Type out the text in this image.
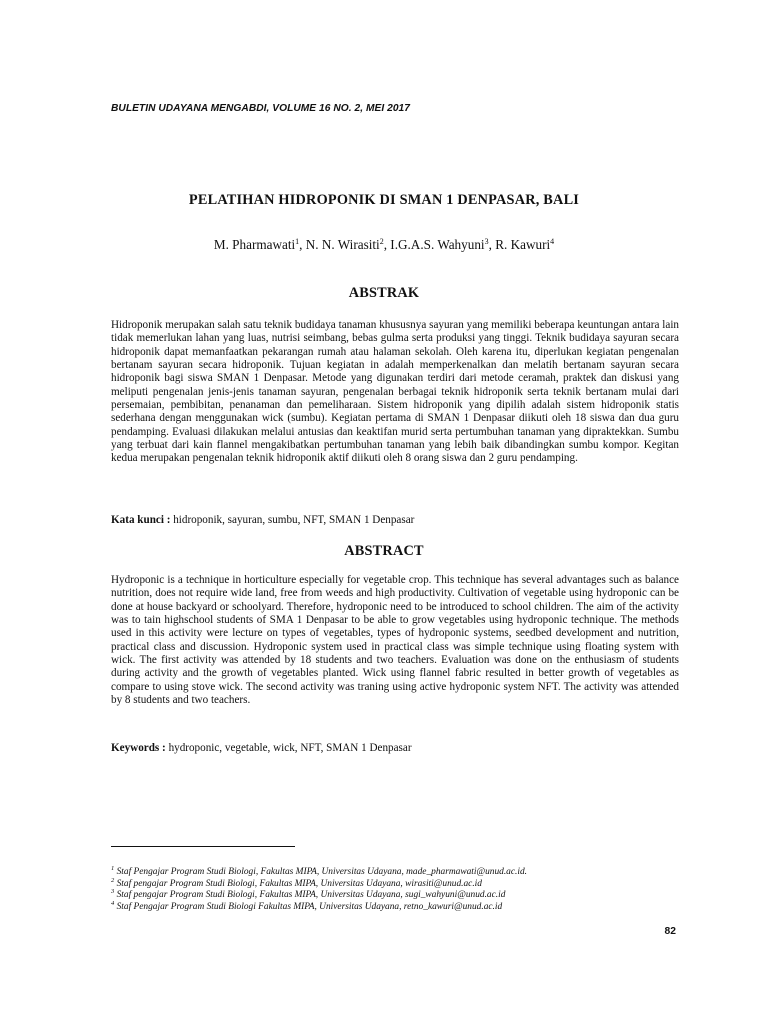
BULETIN UDAYANA MENGABDI, VOLUME 16 NO. 2, MEI 2017
PELATIHAN HIDROPONIK DI SMAN 1 DENPASAR, BALI
M. Pharmawati$^1$, N. N. Wirasiti$^2$, I.G.A.S. Wahyuni$^3$, R. Kawuri$^4$
ABSTRAK

Hidroponik merupakan salah satu teknik budidaya tanaman khususnya sayuran yang memiliki beberapa keuntungan antara lain tidak memerlukan lahan yang luas, nutrisi seimbang, bebas gulma serta produksi yang tinggi. Teknik budidaya sayuran secara hidroponik dapat memanfaatkan pekarangan rumah atau halaman sekolah. Oleh karena itu, diperlukan kegiatan pengenalan bertanam sayuran secara hidroponik. Tujuan kegiatan in adalah memperkenalkan dan melatih bertanam sayuran secara hidroponik bagi siswa SMAN 1 Denpasar. Metode yang digunakan terdiri dari metode ceramah, praktek dan diskusi yang meliputi pengenalan jenis-jenis tanaman sayuran, pengenalan berbagai teknik hidroponik serta teknik bertanam mulai dari persemaian, pembibitan, penanaman dan pemeliharaan. Sistem hidroponik yang dipilih adalah sistem hidroponik statis sederhana dengan menggunakan wick (sumbu). Kegiatan pertama di SMAN 1 Denpasar diikuti oleh 18 siswa dan dua guru pendamping. Evaluasi dilakukan melalui antusias dan keaktifan murid serta pertumbuhan tanaman yang dipraktekkan. Sumbu yang terbuat dari kain flannel mengakibatkan pertumbuhan tanaman yang lebih baik dibandingkan sumbu kompor. Kegitan kedua merupakan pengenalan teknik hidroponik aktif diikuti oleh 8 orang siswa dan 2 guru pendamping.

Kata kunci : hidroponik, sayuran, sumbu, NFT, SMAN 1 Denpasar
ABSTRACT

Hydroponic is a technique in horticulture especially for vegetable crop. This technique has several advantages such as balance nutrition, does not require wide land, free from weeds and high productivity. Cultivation of vegetable using hydroponic can be done at house backyard or schoolyard. Therefore, hydroponic need to be introduced to school children. The aim of the activity was to tain highschool students of SMA 1 Denpasar to be able to grow vegetables using hydroponic technique. The methods used in this activity were lecture on types of vegetables, types of hydroponic systems, seedbed development and nutrition, practical class and discussion. Hydroponic system used in practical class was simple technique using floating system with wick. The first activity was attended by 18 students and two teachers. Evaluation was done on the enthusiasm of students during activity and the growth of vegetables planted. Wick using flannel fabric resulted in better growth of vegetables as compare to using stove wick. The second activity was traning using active hydroponic system NFT. The activity was attended by 8 students and two teachers.

Keywords : hydroponic, vegetable, wick, NFT, SMAN 1 Denpasar
$^1$ Staf Pengajar Program Studi Biologi, Fakultas MIPA, Universitas Udayana, made_pharmawati@unud.ac.id.
$^2$ Staf pengajar Program Studi Biologi, Fakultas MIPA, Universitas Udayana, wirasiti@unud.ac.id
$^3$ Staf pengajar Program Studi Biologi, Fakultas MIPA, Universitas Udayana, sugi_wahyuni@unud.ac.id
$^4$ Staf Pengajar Program Studi Biologi Fakultas MIPA, Universitas Udayana, retno_kawuri@unud.ac.id
82
